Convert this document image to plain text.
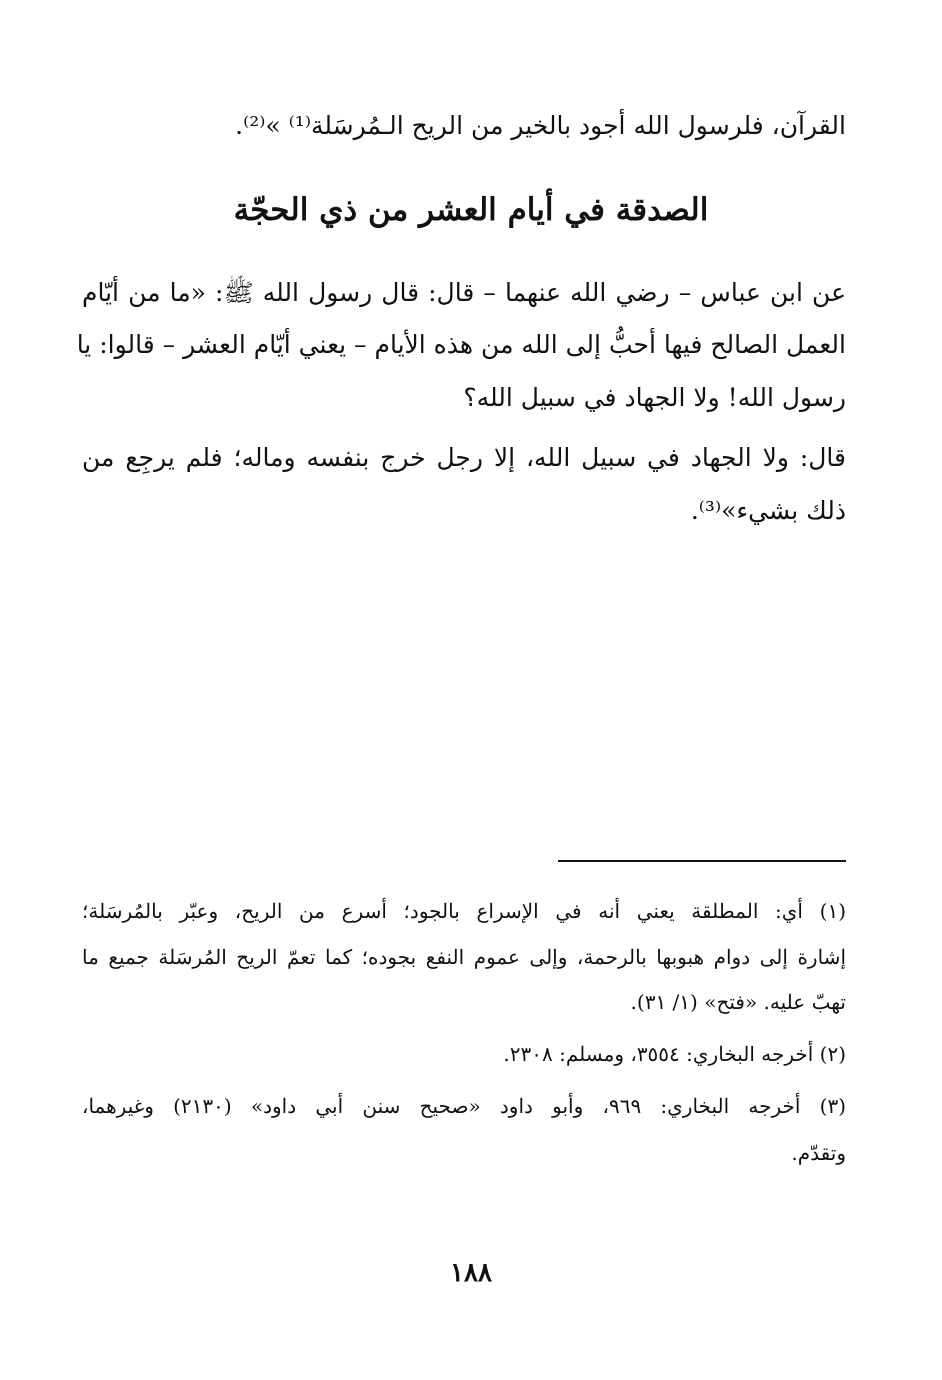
القرآن، فلرسول الله أجود بالخير من الريح الـمُرسَلة⁽¹⁾ »⁽²⁾.
الصدقة في أيام العشر من ذي الحجّة
عن ابن عباس – رضي الله عنهما – قال: قال رسول الله ﷺ: «ما من أيّام
العمل الصالح فيها أحبُّ إلى الله من هذه الأيام – يعني أيّام العشر – قالوا: يا
رسول الله! ولا الجهاد في سبيل الله؟
قال: ولا الجهاد في سبيل الله، إلا رجل خرج بنفسه وماله؛ فلم يرجِع من
ذلك بشيء»⁽³⁾.
(١) أي: المطلقة يعني أنه في الإسراع بالجود؛ أسرع من الريح، وعبّر بالمُرسَلة؛
إشارة إلى دوام هبوبها بالرحمة، وإلى عموم النفع بجوده؛ كما تعمّ الريح المُرسَلة جميع ما
تهبّ عليه. «فتح» (١/ ٣١).
(٢) أخرجه البخاري: ٣٥٥٤، ومسلم: ٢٣٠٨.
(٣) أخرجه البخاري: ٩٦٩، وأبو داود «صحيح سنن أبي داود» (٢١٣٠) وغيرهما،
وتقدّم.
١٨٨
